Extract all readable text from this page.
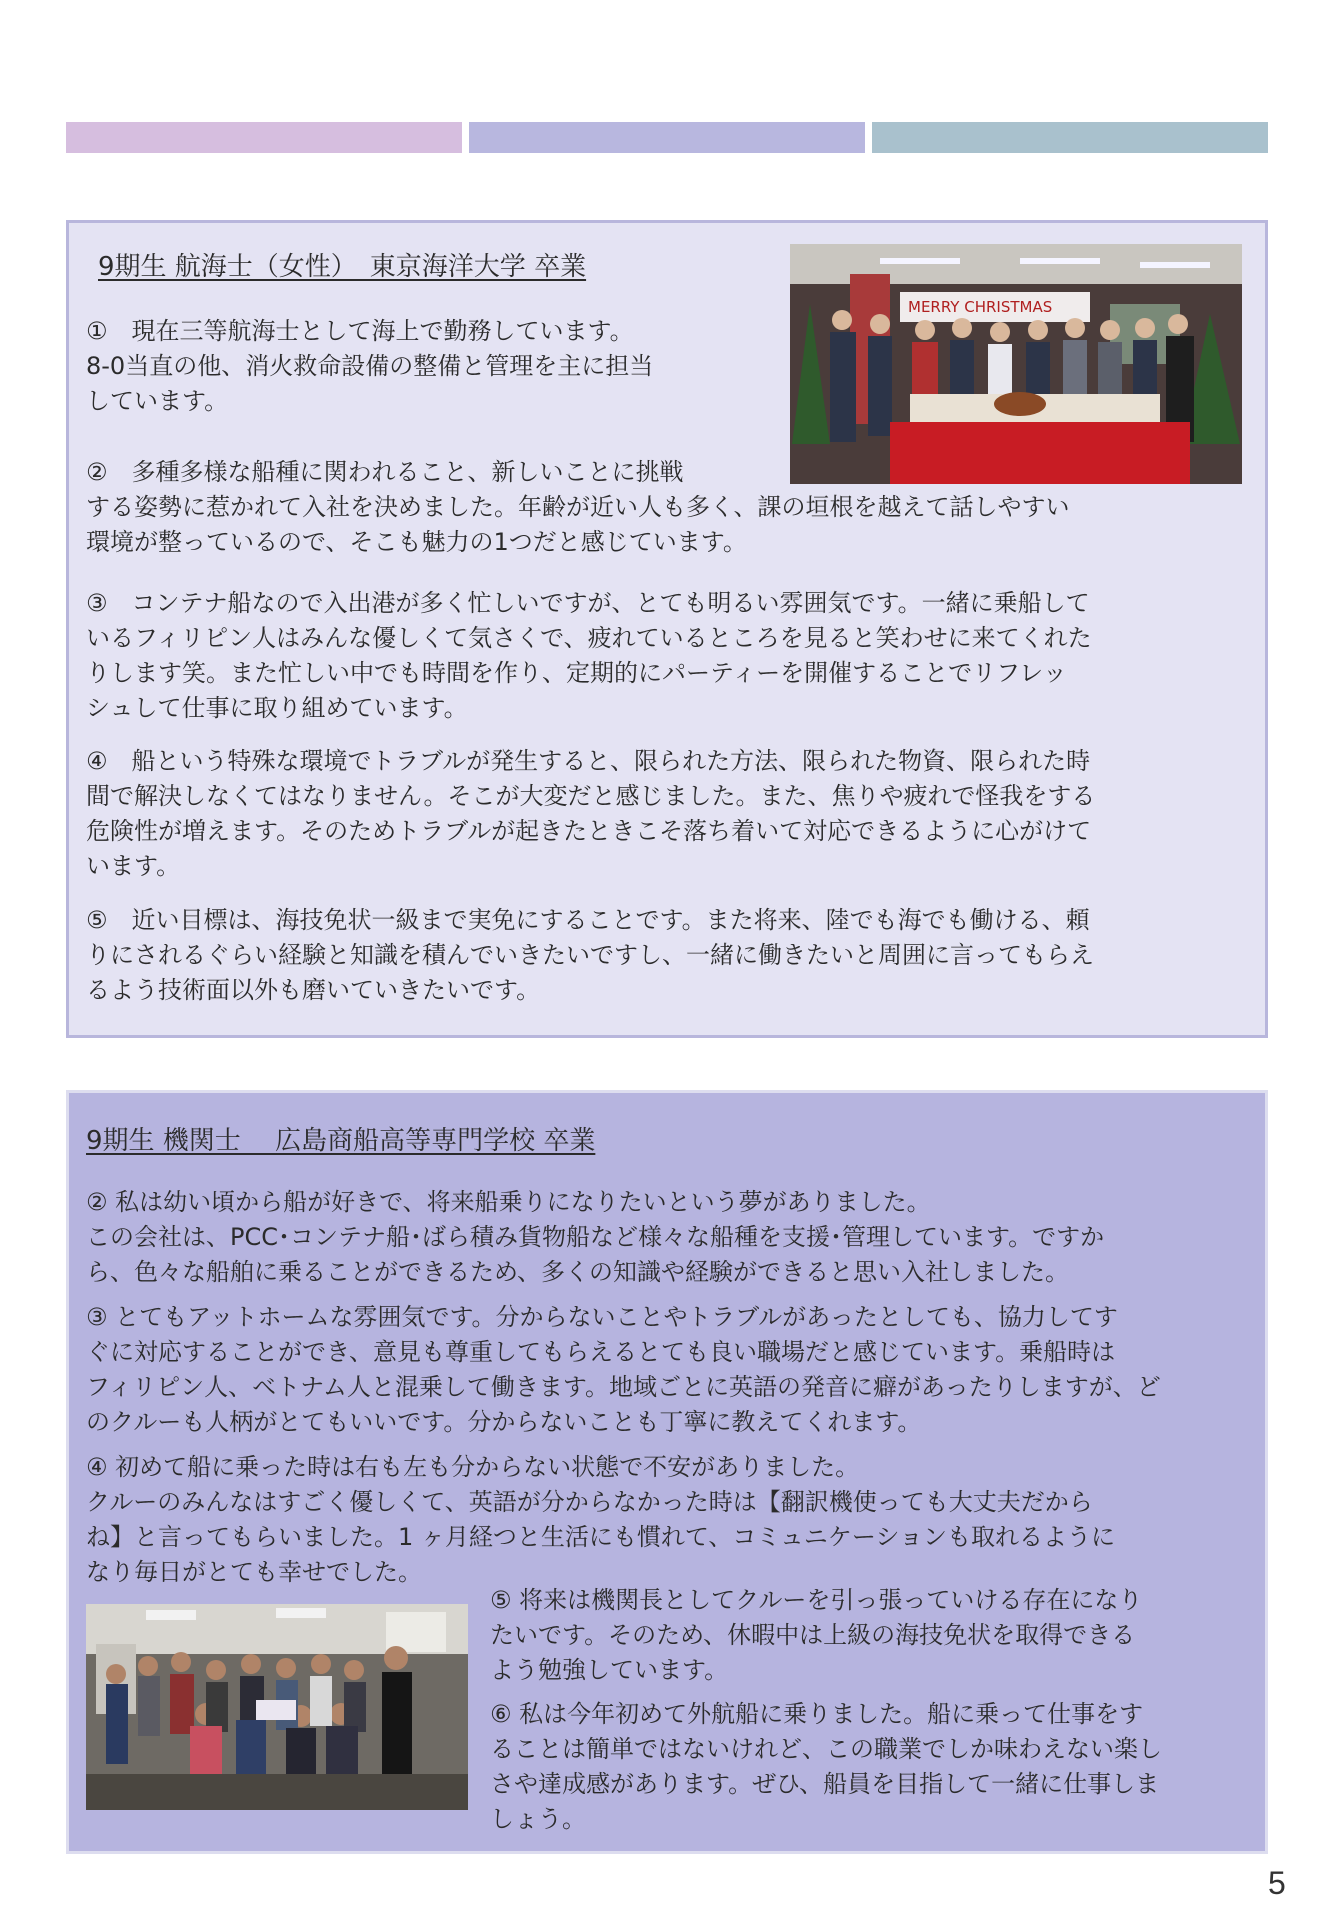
9期生 航海士（女性）　東京海洋大学 卒業
MERRY CHRISTMAS
①　現在三等航海士として海上で勤務しています。
8-0当直の他、消火救命設備の整備と管理を主に担当
しています。
②　多種多様な船種に関われること、新しいことに挑戦
する姿勢に惹かれて入社を決めました。年齢が近い人も多く、課の垣根を越えて話しやすい
環境が整っているので、そこも魅力の1つだと感じています。
③　コンテナ船なので入出港が多く忙しいですが、とても明るい雰囲気です。一緒に乗船して
いるフィリピン人はみんな優しくて気さくで、疲れているところを見ると笑わせに来てくれた
りします笑。また忙しい中でも時間を作り、定期的にパーティーを開催することでリフレッ
シュして仕事に取り組めています。
④　船という特殊な環境でトラブルが発生すると、限られた方法、限られた物資、限られた時
間で解決しなくてはなりません。そこが大変だと感じました。また、焦りや疲れで怪我をする
危険性が増えます。そのためトラブルが起きたときこそ落ち着いて対応できるように心がけて
います。
⑤　近い目標は、海技免状一級まで実免にすることです。また将来、陸でも海でも働ける、頼
りにされるぐらい経験と知識を積んでいきたいですし、一緒に働きたいと周囲に言ってもらえ
るよう技術面以外も磨いていきたいです。
9期生 機関士　 広島商船高等専門学校 卒業
② 私は幼い頃から船が好きで、将来船乗りになりたいという夢がありました。
この会社は、PCC･コンテナ船･ばら積み貨物船など様々な船種を支援･管理しています。ですか
ら、色々な船舶に乗ることができるため、多くの知識や経験ができると思い入社しました。
③ とてもアットホームな雰囲気です。分からないことやトラブルがあったとしても、協力してす
ぐに対応することができ、意見も尊重してもらえるとても良い職場だと感じています。乗船時は
フィリピン人、ベトナム人と混乗して働きます。地域ごとに英語の発音に癖があったりしますが、ど
のクルーも人柄がとてもいいです。分からないことも丁寧に教えてくれます。
④ 初めて船に乗った時は右も左も分からない状態で不安がありました。
クルーのみんなはすごく優しくて、英語が分からなかった時は【翻訳機使っても大丈夫だから
ね】と言ってもらいました。1 ヶ月経つと生活にも慣れて、コミュニケーションも取れるように
なり毎日がとても幸せでした。
⑤ 将来は機関長としてクルーを引っ張っていける存在になり
たいです。そのため、休暇中は上級の海技免状を取得できる
よう勉強しています。
⑥ 私は今年初めて外航船に乗りました。船に乗って仕事をす
ることは簡単ではないけれど、この職業でしか味わえない楽し
さや達成感があります。ぜひ、船員を目指して一緒に仕事しま
しょう。
5
